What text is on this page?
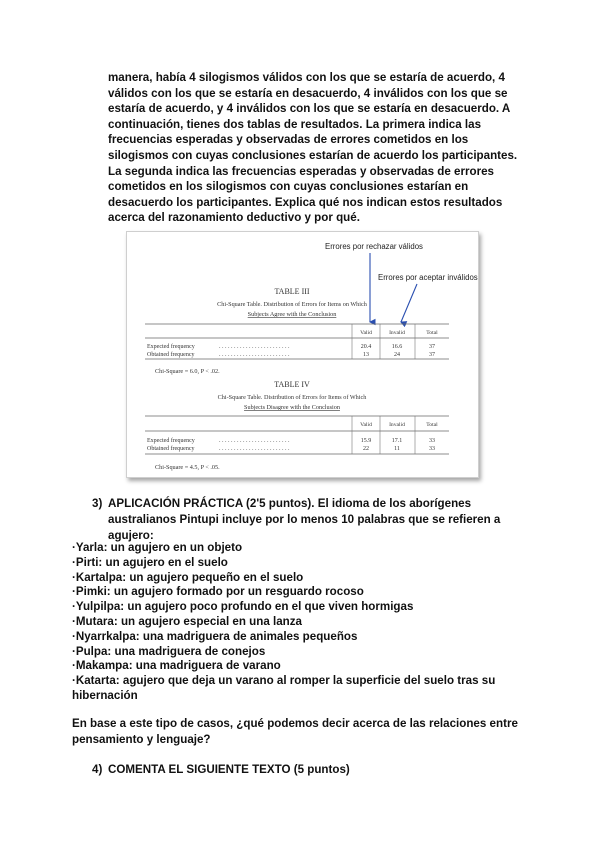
manera, había 4 silogismos válidos con los que se estaría de acuerdo, 4 válidos con los que se estaría en desacuerdo, 4 inválidos con los que se estaría de acuerdo, y 4 inválidos con los que se estaría en desacuerdo. A continuación, tienes dos tablas de resultados. La primera indica las frecuencias esperadas y observadas de errores cometidos en los silogismos con cuyas conclusiones estarían de acuerdo los participantes. La segunda indica las frecuencias esperadas y observadas de errores cometidos en los silogismos con cuyas conclusiones estarían en desacuerdo los participantes. Explica qué nos indican estos resultados acerca del razonamiento deductivo y por qué.

Errores por rechazar válidos
Errores por aceptar inválidos
TABLE III
Chi-Square Table. Distribution of Errors for Items on Which
Subjects Agree with the Conclusion
Valid	Invalid	Total
Expected frequency	. . . . . . . . . . . . . . . . . . . . . . . .	20.4	16.6	37
Obtained frequency	. . . . . . . . . . . . . . . . . . . . . . . .	13	24	37
Chi-Square = 6.0, P < .02.
TABLE IV
Chi-Square Table. Distribution of Errors for Items of Which
Subjects Disagree with the Conclusion
Valid	Invalid	Total
Expected frequency	. . . . . . . . . . . . . . . . . . . . . . . .	15.9	17.1	33
Obtained frequency	. . . . . . . . . . . . . . . . . . . . . . . .	22	11	33
Chi-Square = 4.5, P < .05.
3) APLICACIÓN PRÁCTICA (2'5 puntos). El idioma de los aborígenes australianos Pintupi incluye por lo menos 10 palabras que se refieren a agujero:
·Yarla: un agujero en un objeto
·Pirti: un agujero en el suelo
·Kartalpa: un agujero pequeño en el suelo
·Pimki: un agujero formado por un resguardo rocoso
·Yulpilpa: un agujero poco profundo en el que viven hormigas
·Mutara: un agujero especial en una lanza
·Nyarrkalpa: una madriguera de animales pequeños
·Pulpa: una madriguera de conejos
·Makampa: una madriguera de varano
·Katarta: agujero que deja un varano al romper la superficie del suelo tras su hibernación
En base a este tipo de casos, ¿qué podemos decir acerca de las relaciones entre pensamiento y lenguaje?
4) COMENTA EL SIGUIENTE TEXTO (5 puntos)
